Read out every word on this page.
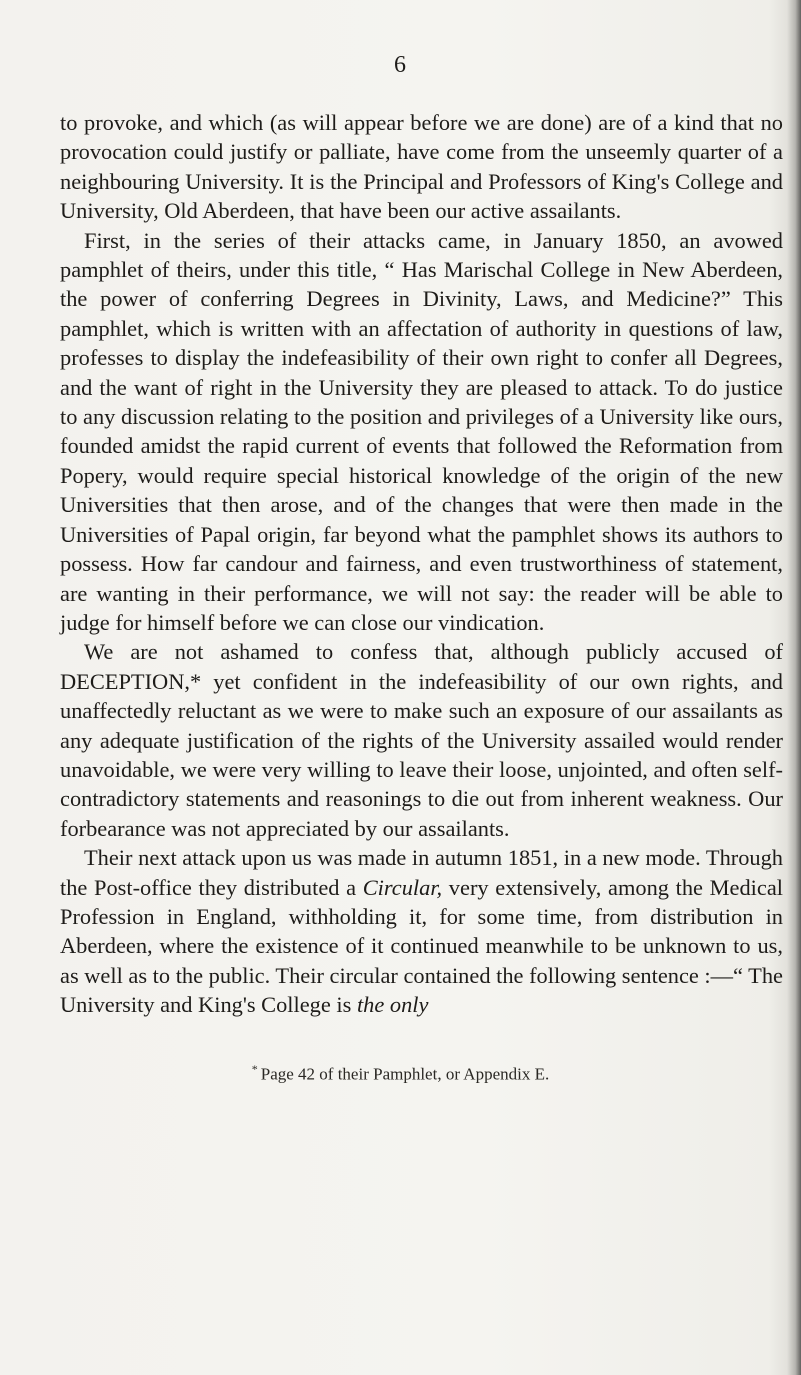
6

to provoke, and which (as will appear before we are done) are of a kind that no provocation could justify or palliate, have come from the unseemly quarter of a neighbouring University. It is the Principal and Professors of King's College and University, Old Aberdeen, that have been our active assailants.

First, in the series of their attacks came, in January 1850, an avowed pamphlet of theirs, under this title, “ Has Marischal College in New Aberdeen, the power of conferring Degrees in Divinity, Laws, and Medicine?” This pamphlet, which is written with an affectation of authority in questions of law, professes to display the indefeasibility of their own right to confer all Degrees, and the want of right in the University they are pleased to attack. To do justice to any discussion relating to the position and privileges of a University like ours, founded amidst the rapid current of events that followed the Reformation from Popery, would require special historical knowledge of the origin of the new Universities that then arose, and of the changes that were then made in the Universities of Papal origin, far beyond what the pamphlet shows its authors to possess. How far candour and fairness, and even trustworthiness of statement, are wanting in their performance, we will not say: the reader will be able to judge for himself before we can close our vindication.

We are not ashamed to confess that, although publicly accused of DECEPTION,* yet confident in the indefeasibility of our own rights, and unaffectedly reluctant as we were to make such an exposure of our assailants as any adequate justification of the rights of the University assailed would render unavoidable, we were very willing to leave their loose, unjointed, and often self-contradictory statements and reasonings to die out from inherent weakness. Our forbearance was not appreciated by our assailants.

Their next attack upon us was made in autumn 1851, in a new mode. Through the Post-office they distributed a Circular, very extensively, among the Medical Profession in England, withholding it, for some time, from distribution in Aberdeen, where the existence of it continued meanwhile to be unknown to us, as well as to the public. Their circular contained the following sentence :—“ The University and King's College is the only

* Page 42 of their Pamphlet, or Appendix E.
